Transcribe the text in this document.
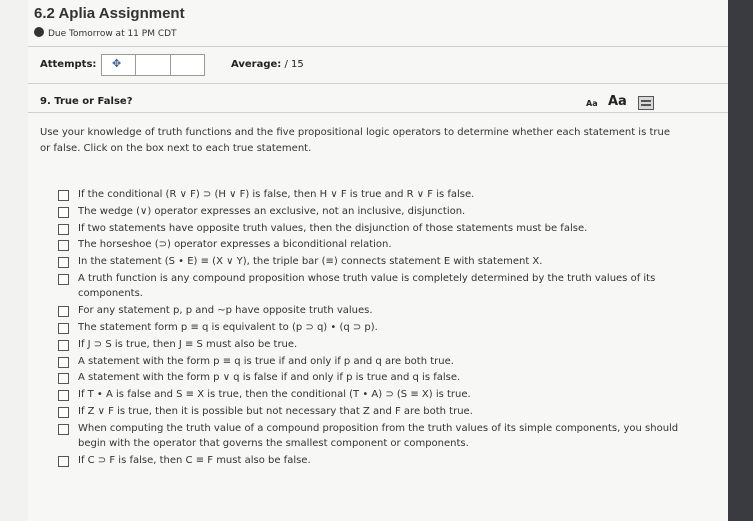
6.2 Aplia Assignment
Due Tomorrow at 11 PM CDT
Attempts: ✥	Average: / 15
9. True or False?	Aa Aa
Use your knowledge of truth functions and the five propositional logic operators to determine whether each statement is true or false. Click on the box next to each true statement.
If the conditional (R ∨ F) ⊃ (H ∨ F) is false, then H ∨ F is true and R ∨ F is false.
The wedge (∨) operator expresses an exclusive, not an inclusive, disjunction.
If two statements have opposite truth values, then the disjunction of those statements must be false.
The horseshoe (⊃) operator expresses a biconditional relation.
In the statement (S • E) ≡ (X ∨ Y), the triple bar (≡) connects statement E with statement X.
A truth function is any compound proposition whose truth value is completely determined by the truth values of its components.
For any statement p, p and ~p have opposite truth values.
The statement form p ≡ q is equivalent to (p ⊃ q) • (q ⊃ p).
If J ⊃ S is true, then J ≡ S must also be true.
A statement with the form p ≡ q is true if and only if p and q are both true.
A statement with the form p ∨ q is false if and only if p is true and q is false.
If T • A is false and S ≡ X is true, then the conditional (T • A) ⊃ (S ≡ X) is true.
If Z ∨ F is true, then it is possible but not necessary that Z and F are both true.
When computing the truth value of a compound proposition from the truth values of its simple components, you should begin with the operator that governs the smallest component or components.
If C ⊃ F is false, then C ≡ F must also be false.
